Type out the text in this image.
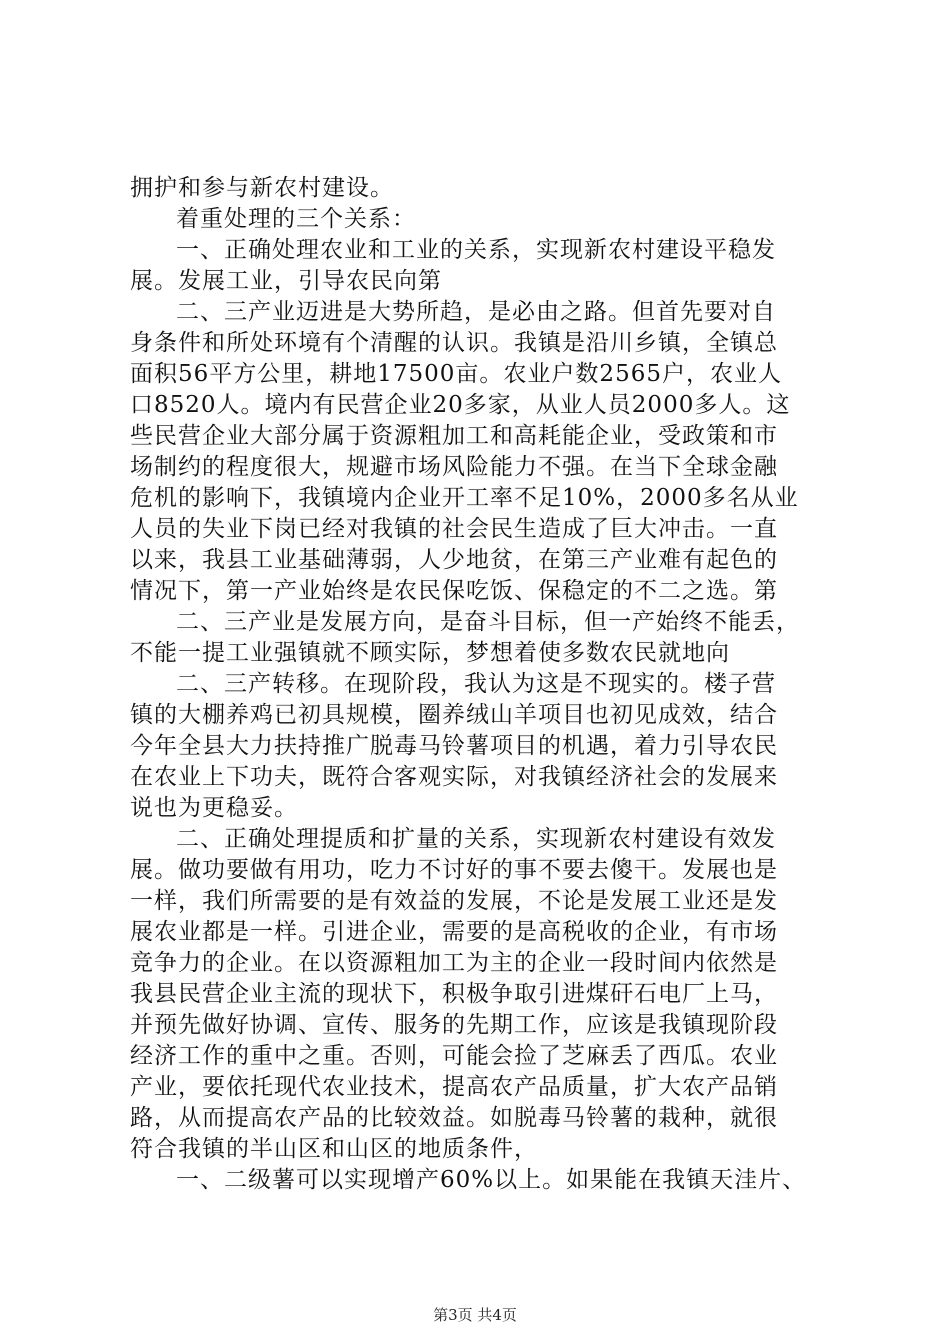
拥护和参与新农村建设。
着重处理的三个关系：
一、正确处理农业和工业的关系，实现新农村建设平稳发
展。发展工业，引导农民向第
二、三产业迈进是大势所趋，是必由之路。但首先要对自
身条件和所处环境有个清醒的认识。我镇是沿川乡镇，全镇总
面积56平方公里，耕地17500亩。农业户数2565户，农业人
口8520人。境内有民营企业20多家，从业人员2000多人。这
些民营企业大部分属于资源粗加工和高耗能企业，受政策和市
场制约的程度很大，规避市场风险能力不强。在当下全球金融
危机的影响下，我镇境内企业开工率不足10%，2000多名从业
人员的失业下岗已经对我镇的社会民生造成了巨大冲击。一直
以来，我县工业基础薄弱，人少地贫，在第三产业难有起色的
情况下，第一产业始终是农民保吃饭、保稳定的不二之选。第
二、三产业是发展方向，是奋斗目标，但一产始终不能丢，
不能一提工业强镇就不顾实际，梦想着使多数农民就地向
二、三产转移。在现阶段，我认为这是不现实的。楼子营
镇的大棚养鸡已初具规模，圈养绒山羊项目也初见成效，结合
今年全县大力扶持推广脱毒马铃薯项目的机遇，着力引导农民
在农业上下功夫，既符合客观实际，对我镇经济社会的发展来
说也为更稳妥。
二、正确处理提质和扩量的关系，实现新农村建设有效发
展。做功要做有用功，吃力不讨好的事不要去傻干。发展也是
一样，我们所需要的是有效益的发展，不论是发展工业还是发
展农业都是一样。引进企业，需要的是高税收的企业，有市场
竞争力的企业。在以资源粗加工为主的企业一段时间内依然是
我县民营企业主流的现状下，积极争取引进煤矸石电厂上马，
并预先做好协调、宣传、服务的先期工作，应该是我镇现阶段
经济工作的重中之重。否则，可能会捡了芝麻丢了西瓜。农业
产业，要依托现代农业技术，提高农产品质量，扩大农产品销
路，从而提高农产品的比较效益。如脱毒马铃薯的栽种，就很
符合我镇的半山区和山区的地质条件，
一、二级薯可以实现增产60%以上。如果能在我镇天洼片、
第3页 共4页
